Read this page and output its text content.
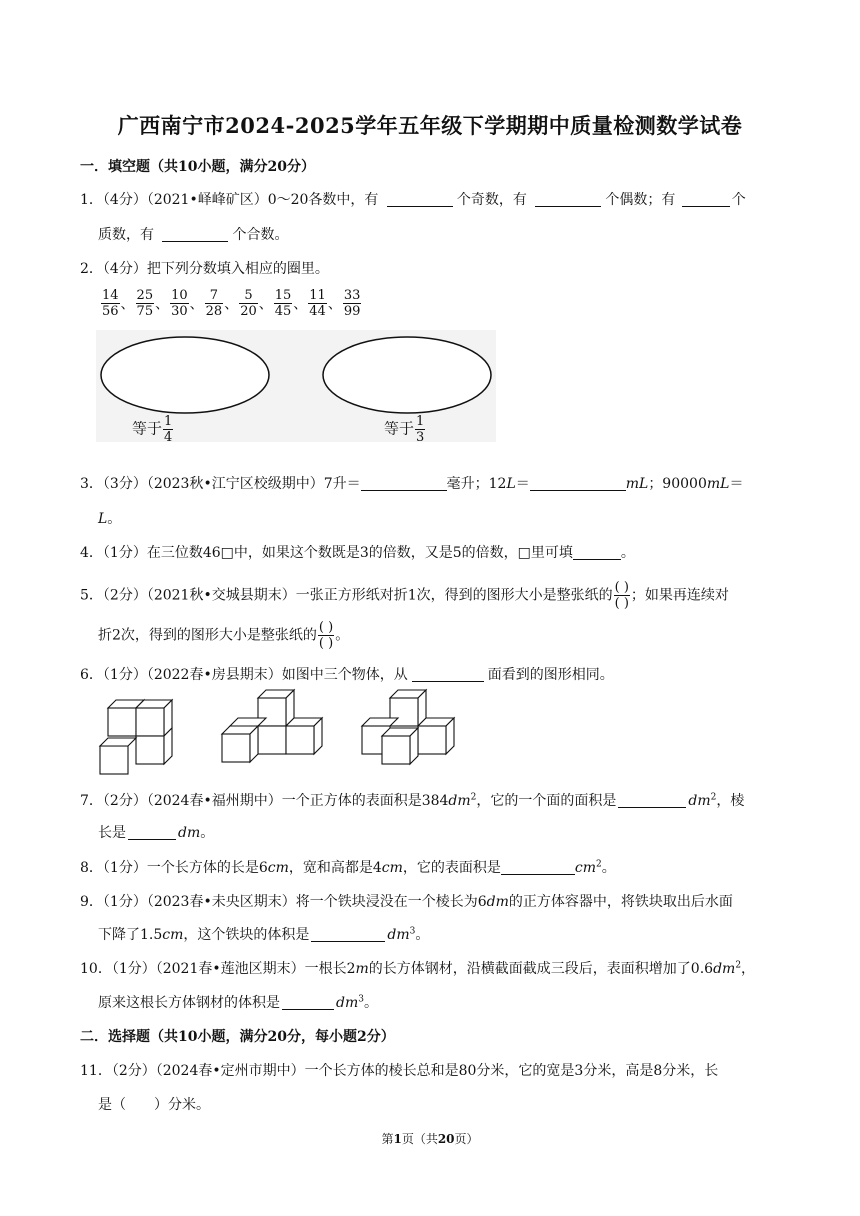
广西南宁市2024-2025学年五年级下学期期中质量检测数学试卷
一．填空题（共10小题，满分20分）
1．（4分）（2021•峄峰矿区）0～20各数中，有	个奇数，有	个偶数；有	个
质数，有	个合数。
2．（4分）把下列分数填入相应的圈里。
$\frac{14}{56}$ 、 $\frac{25}{75}$ 、 $\frac{10}{30}$ 、 $\frac{7}{28}$ 、 $\frac{5}{20}$ 、 $\frac{15}{45}$ 、 $\frac{11}{44}$ 、 $\frac{33}{99}$
等于 $\frac{1}{4}$	等于 $\frac{1}{3}$
3．（3分）（2023秋•江宁区校级期中）7升＝	毫升；12L＝	mL；90000mL＝
L。
4．（1分）在三位数46□中，如果这个数既是3的倍数，又是5的倍数，□里可填	。
5．（2分）（2021秋•交城县期末）一张正方形纸对折1次，得到的图形大小是整张纸的 $\frac{( )}{( )}$ ；如果再连续对
折2次，得到的图形大小是整张纸的 $\frac{( )}{( )}$ 。
6．（1分）（2022春•房县期末）如图中三个物体，从	面看到的图形相同。
7．（2分）（2024春•福州期中）一个正方体的表面积是$384dm^2$，它的一个面的面积是	$dm^2$，棱
长是	dm。
8．（1分）一个长方体的长是6cm，宽和高都是4cm，它的表面积是	$cm^2$。
9．（1分）（2023春•未央区期末）将一个铁块浸没在一个棱长为6dm的正方体容器中，将铁块取出后水面
下降了1.5cm，这个铁块的体积是	$dm^3$。
10．（1分）（2021春•莲池区期末）一根长2m的长方体钢材，沿横截面截成三段后，表面积增加了$0.6dm^2$，
原来这根长方体钢材的体积是	$dm^3$。
二．选择题（共10小题，满分20分，每小题2分）
11．（2分）（2024春•定州市期中）一个长方体的棱长总和是80分米，它的宽是3分米，高是8分米，长
是（　　）分米。
第1页（共20页）
